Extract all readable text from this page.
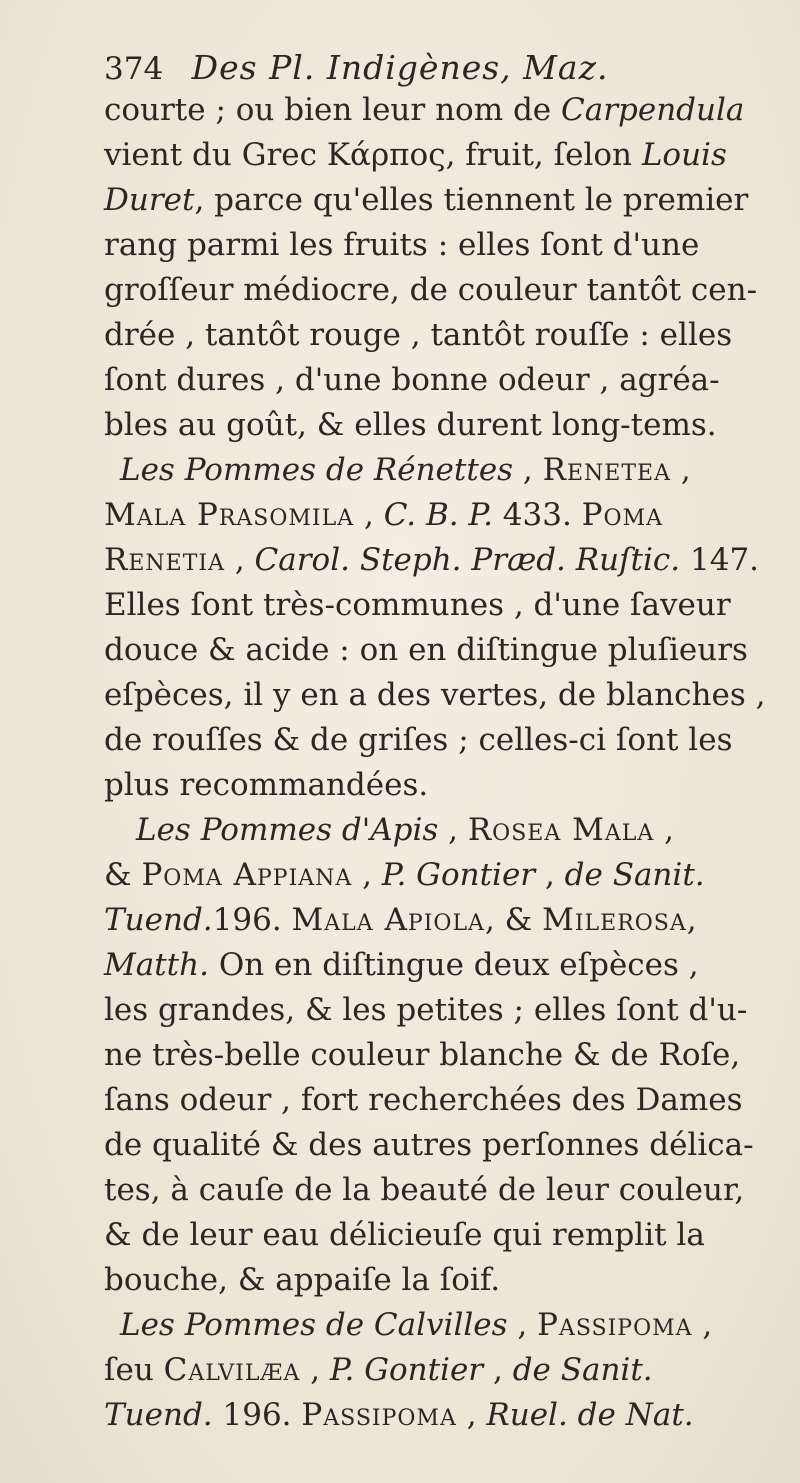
374 Des Pl. Indigènes, Maz.
courte ; ou bien leur nom de Carpendula
vient du Grec Κάρπος, fruit, ſelon Louis
Duret, parce qu'elles tiennent le premier
rang parmi les fruits : elles ſont d'une
groſſeur médiocre, de couleur tantôt cen-
drée , tantôt rouge , tantôt rouſſe : elles
ſont dures , d'une bonne odeur , agréa-
bles au goût, & elles durent long-tems.
Les Pommes de Rénettes , Renetea ,
Mala Prasomila , C. B. P. 433. Poma
Renetia , Carol. Steph. Præd. Ruſtic. 147.
Elles ſont très-communes , d'une ſaveur
douce & acide : on en diſtingue pluſieurs
eſpèces, il y en a des vertes, de blanches ,
de rouſſes & de griſes ; celles-ci ſont les
plus recommandées.
Les Pommes d'Apis , Rosea Mala ,
& Poma Appiana , P. Gontier , de Sanit.
Tuend.196. Mala Apiola, & Milerosa,
Matth. On en diſtingue deux eſpèces ,
les grandes, & les petites ; elles ſont d'u-
ne très-belle couleur blanche & de Roſe,
ſans odeur , fort recherchées des Dames
de qualité & des autres perſonnes délica-
tes, à cauſe de la beauté de leur couleur,
& de leur eau délicieuſe qui remplit la
bouche, & appaiſe la ſoif.
Les Pommes de Calvilles , Passipoma ,
ſeu Calvilæa , P. Gontier , de Sanit.
Tuend. 196. Passipoma , Ruel. de Nat.
